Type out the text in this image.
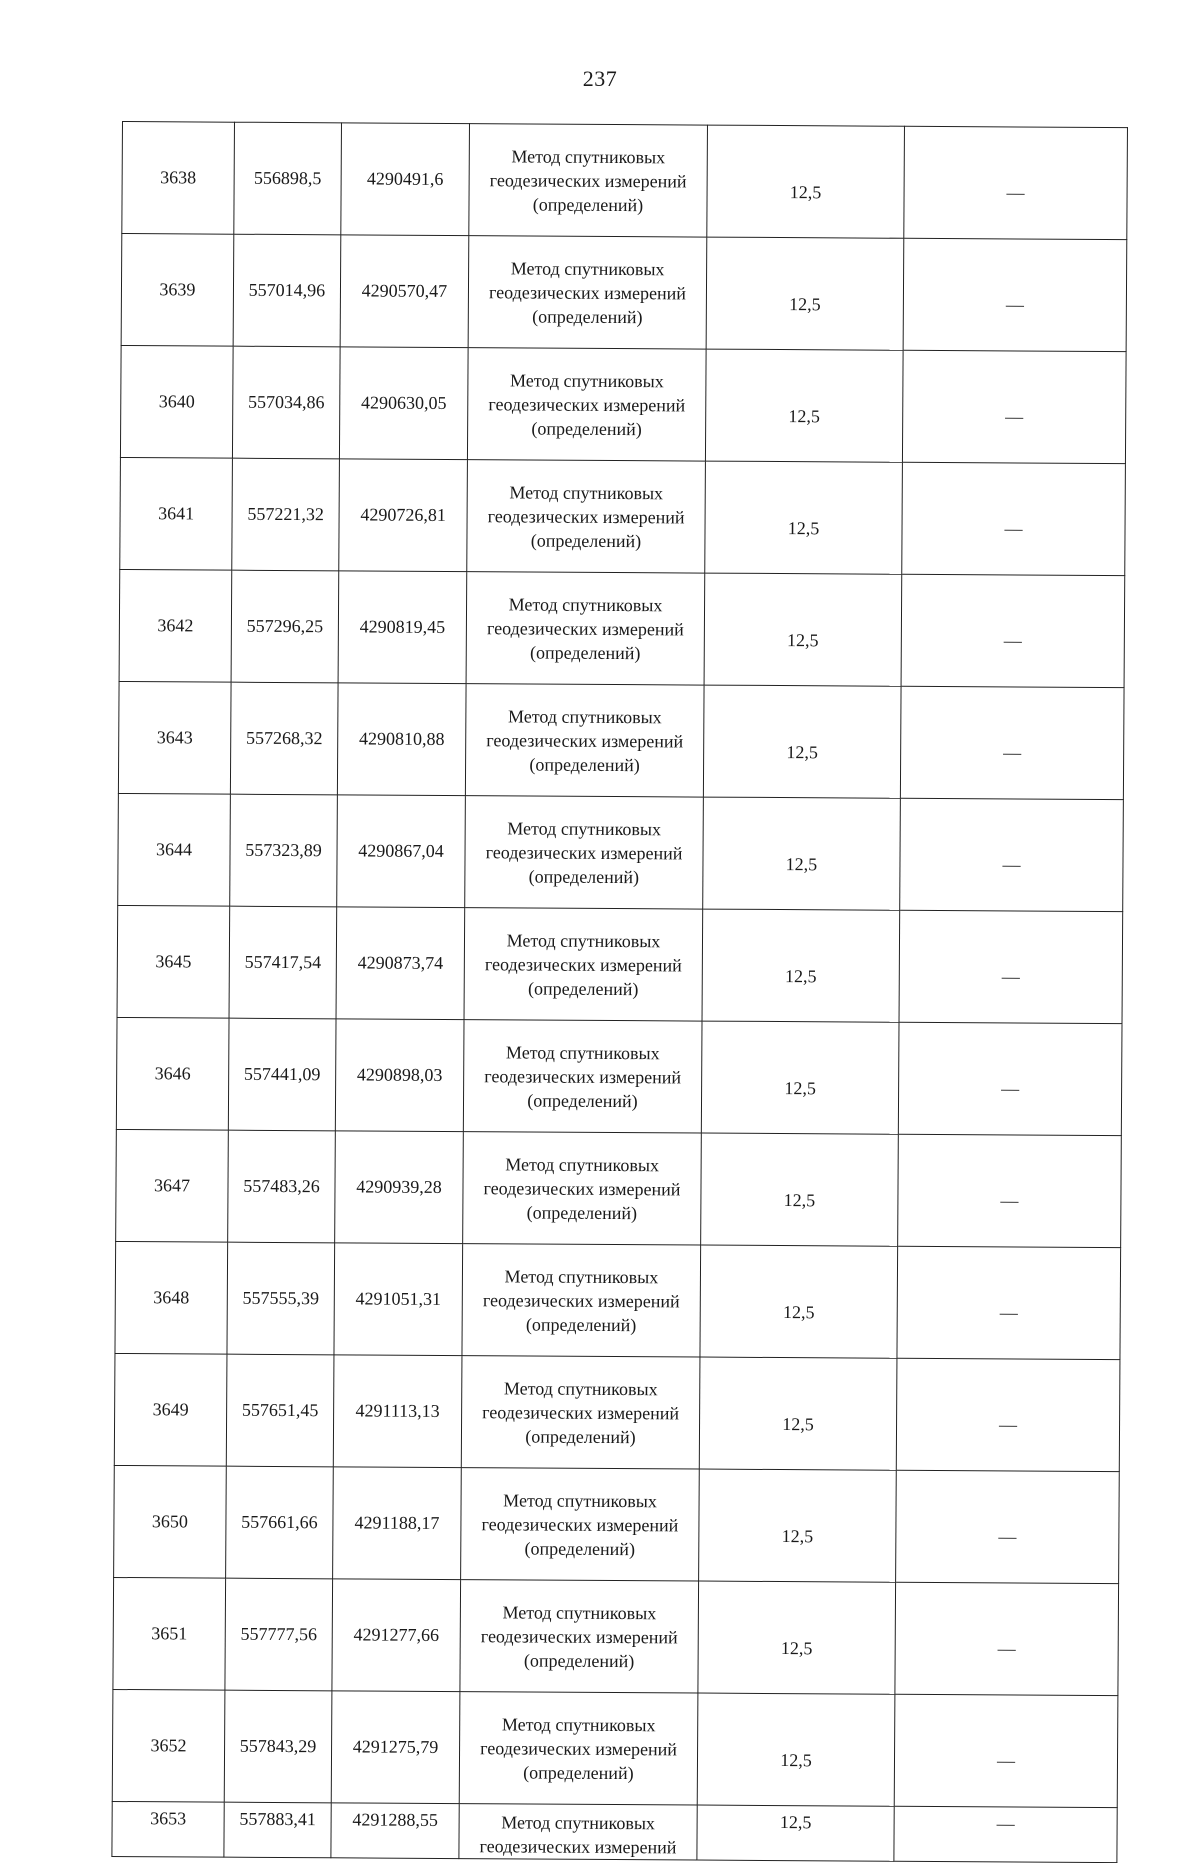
237
3638	556898,5	4290491,6	Метод спутниковых
геодезических измерений
(определений)	12,5	—
3639	557014,96	4290570,47	Метод спутниковых
геодезических измерений
(определений)	12,5	—
3640	557034,86	4290630,05	Метод спутниковых
геодезических измерений
(определений)	12,5	—
3641	557221,32	4290726,81	Метод спутниковых
геодезических измерений
(определений)	12,5	—
3642	557296,25	4290819,45	Метод спутниковых
геодезических измерений
(определений)	12,5	—
3643	557268,32	4290810,88	Метод спутниковых
геодезических измерений
(определений)	12,5	—
3644	557323,89	4290867,04	Метод спутниковых
геодезических измерений
(определений)	12,5	—
3645	557417,54	4290873,74	Метод спутниковых
геодезических измерений
(определений)	12,5	—
3646	557441,09	4290898,03	Метод спутниковых
геодезических измерений
(определений)	12,5	—
3647	557483,26	4290939,28	Метод спутниковых
геодезических измерений
(определений)	12,5	—
3648	557555,39	4291051,31	Метод спутниковых
геодезических измерений
(определений)	12,5	—
3649	557651,45	4291113,13	Метод спутниковых
геодезических измерений
(определений)	12,5	—
3650	557661,66	4291188,17	Метод спутниковых
геодезических измерений
(определений)	12,5	—
3651	557777,56	4291277,66	Метод спутниковых
геодезических измерений
(определений)	12,5	—
3652	557843,29	4291275,79	Метод спутниковых
геодезических измерений
(определений)	12,5	—
3653	557883,41	4291288,55	Метод спутниковых
геодезических измерений	12,5	—
